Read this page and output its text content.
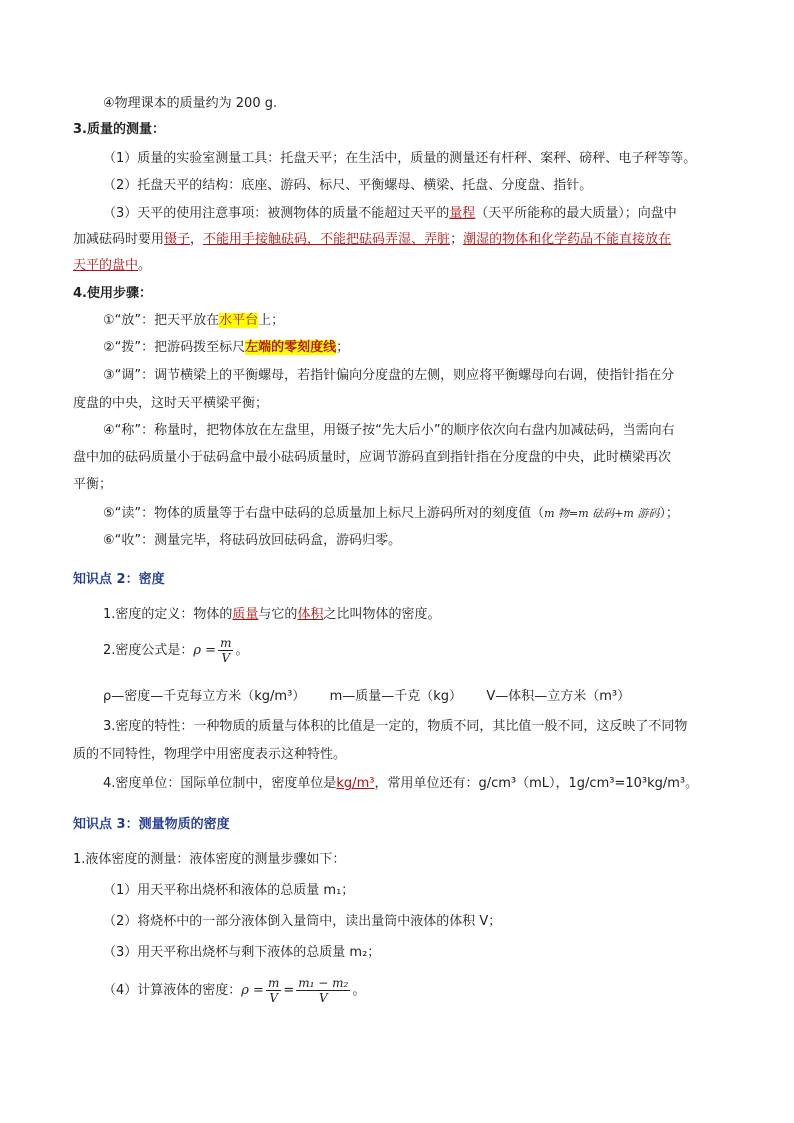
④物理课本的质量约为 200 g.
3.质量的测量：
（1）质量的实验室测量工具：托盘天平；在生活中，质量的测量还有杆秤、案秤、磅秤、电子秤等等。
（2）托盘天平的结构：底座、游码、标尺、平衡螺母、横梁、托盘、分度盘、指针。
（3）天平的使用注意事项：被测物体的质量不能超过天平的量程（天平所能称的最大质量）；向盘中
加减砝码时要用镊子，不能用手接触砝码，不能把砝码弄湿、弄脏；潮湿的物体和化学药品不能直接放在
天平的盘中。
4.使用步骤：
①“放”：把天平放在水平台上；
②“拨”：把游码拨至标尺左端的零刻度线；
③“调”：调节横梁上的平衡螺母，若指针偏向分度盘的左侧，则应将平衡螺母向右调，使指针指在分
度盘的中央，这时天平横梁平衡；
④“称”：称量时，把物体放在左盘里，用镊子按“先大后小”的顺序依次向右盘内加减砝码，当需向右
盘中加的砝码质量小于砝码盒中最小砝码质量时，应调节游码直到指针指在分度盘的中央，此时横梁再次
平衡；
⑤“读”：物体的质量等于右盘中砝码的总质量加上标尺上游码所对的刻度值（m 物=m 砝码+m 游码）；
⑥“收”：测量完毕，将砝码放回砝码盒，游码归零。
知识点 2：密度
1.密度的定义：物体的质量与它的体积之比叫物体的密度。
2.密度公式是：$\rho = \frac{m}{V}$ 。
ρ—密度—千克每立方米（kg/m³） m—质量—千克（kg） V—体积—立方米（m³）
3.密度的特性：一种物质的质量与体积的比值是一定的，物质不同，其比值一般不同，这反映了不同物
质的不同特性，物理学中用密度表示这种特性。
4.密度单位：国际单位制中，密度单位是kg/m³，常用单位还有：g/cm³（mL），1g/cm³=10³kg/m³。
知识点 3：测量物质的密度
1.液体密度的测量：液体密度的测量步骤如下：
（1）用天平称出烧杯和液体的总质量 m₁；
（2）将烧杯中的一部分液体倒入量筒中，读出量筒中液体的体积 V；
（3）用天平称出烧杯与剩下液体的总质量 m₂；
（4）计算液体的密度：$\rho = \frac{m}{V} = \frac{\text{m₁ − m₂}}{V}$ 。
